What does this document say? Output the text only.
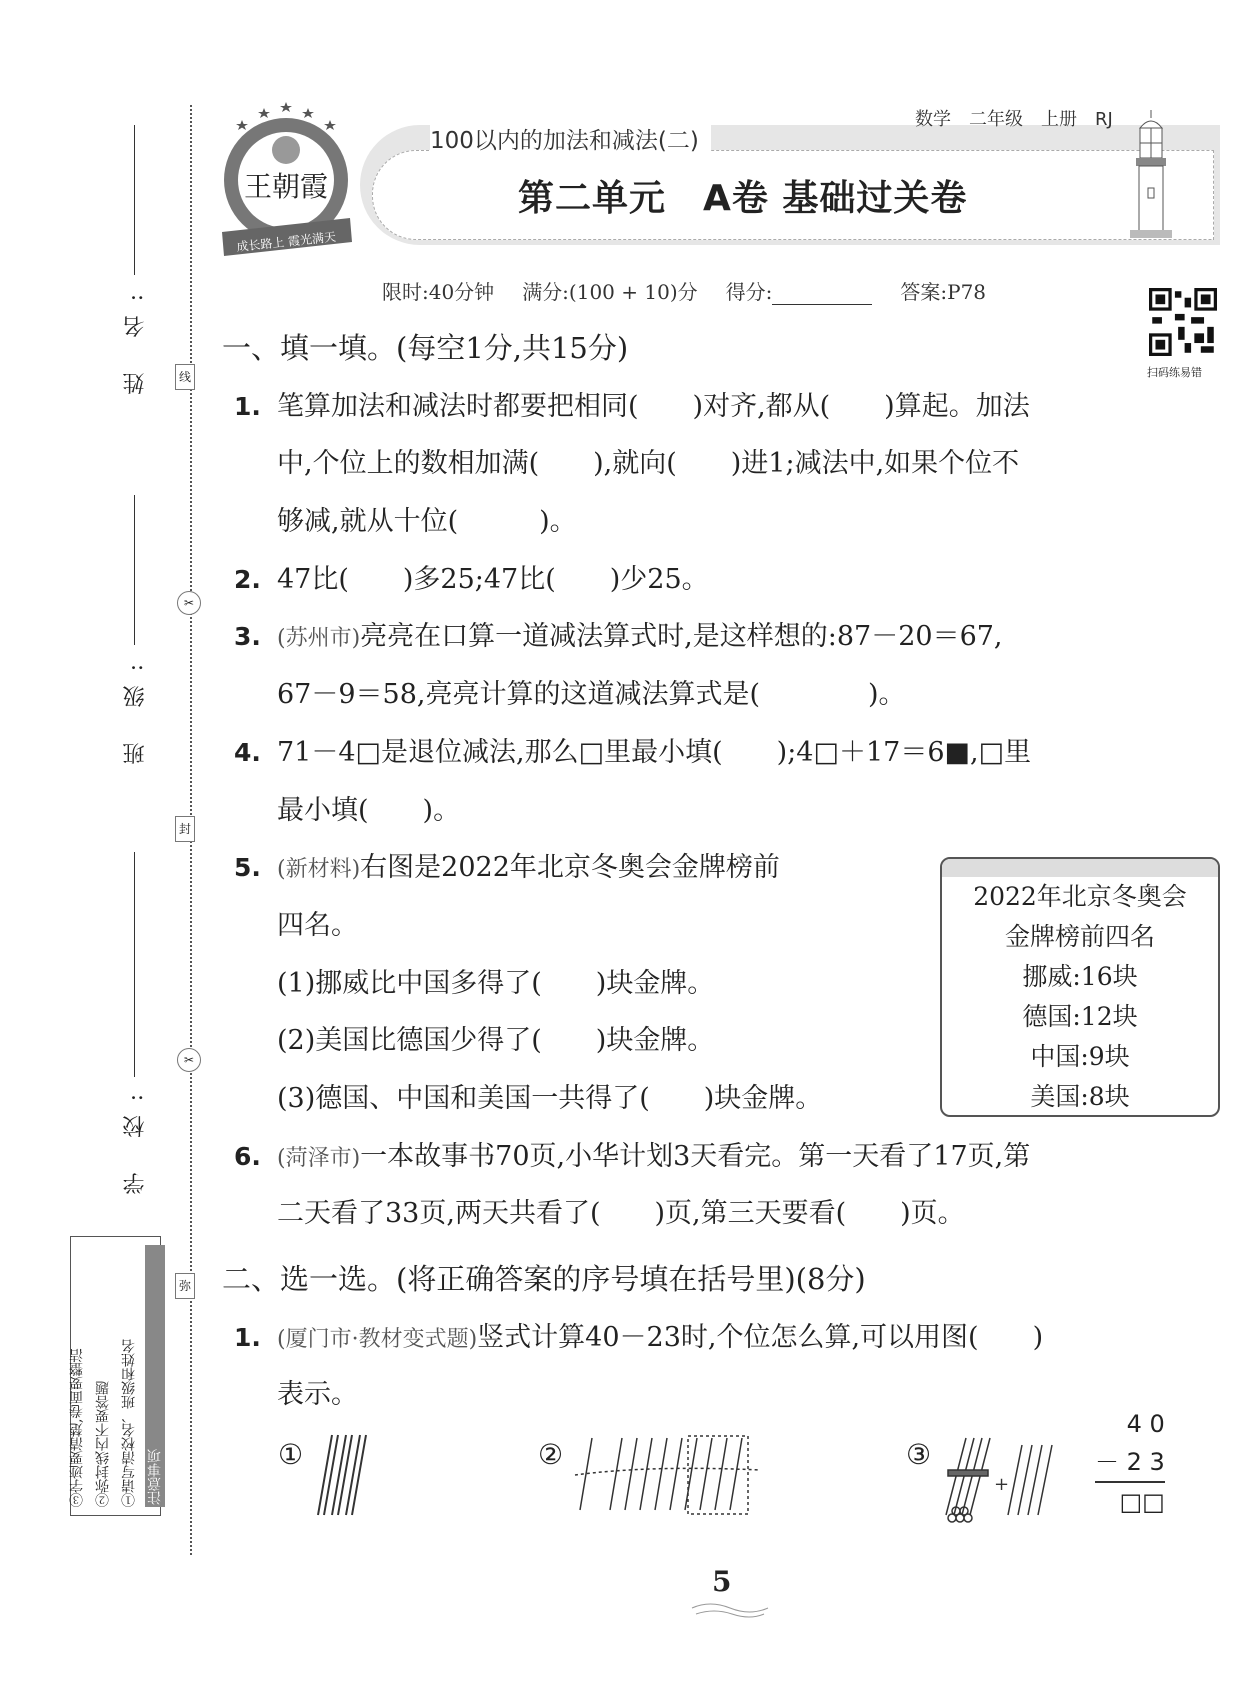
姓 名:
班 级:
学 校:
线
✂
封
✂
弥
注意事项
①请写清校名、班级和姓名
②弥封线内不要答题
③字迹要清楚,卷面要整洁
王朝霞
成长路上 霞光满天
100以内的加法和减法(二)
数学　二年级　上册　RJ
第二单元　A卷 基础过关卷
限时:40分钟 满分:(100 + 10)分 得分:	答案:P78
扫码练易错
一、填一填。(每空1分,共15分)
1. 笔算加法和减法时都要把相同(　　)对齐,都从(　　)算起。加法
中,个位上的数相加满(　　),就向(　　)进1;减法中,如果个位不
够减,就从十位(　　　)。
2. 47比(　　)多25;47比(　　)少25。
3. (苏州市)亮亮在口算一道减法算式时,是这样想的:87－20＝67,
67－9＝58,亮亮计算的这道减法算式是(　　　　)。
4. 71－4□是退位减法,那么□里最小填(　　);4□＋17＝6■,□里
最小填(　　)。
5. (新材料)右图是2022年北京冬奥会金牌榜前
四名。
(1)挪威比中国多得了(　　)块金牌。
(2)美国比德国少得了(　　)块金牌。
(3)德国、中国和美国一共得了(　　)块金牌。
6. (菏泽市)一本故事书70页,小华计划3天看完。第一天看了17页,第
二天看了33页,两天共看了(　　)页,第三天要看(　　)页。
二、选一选。(将正确答案的序号填在括号里)(8分)
1. (厦门市·教材变式题)竖式计算40－23时,个位怎么算,可以用图(　　)
表示。
2022年北京冬奥会
金牌榜前四名
挪威:16块
德国:12块
中国:9块
美国:8块
①	②	③
+
4 0
－ 2 3
□□
5
